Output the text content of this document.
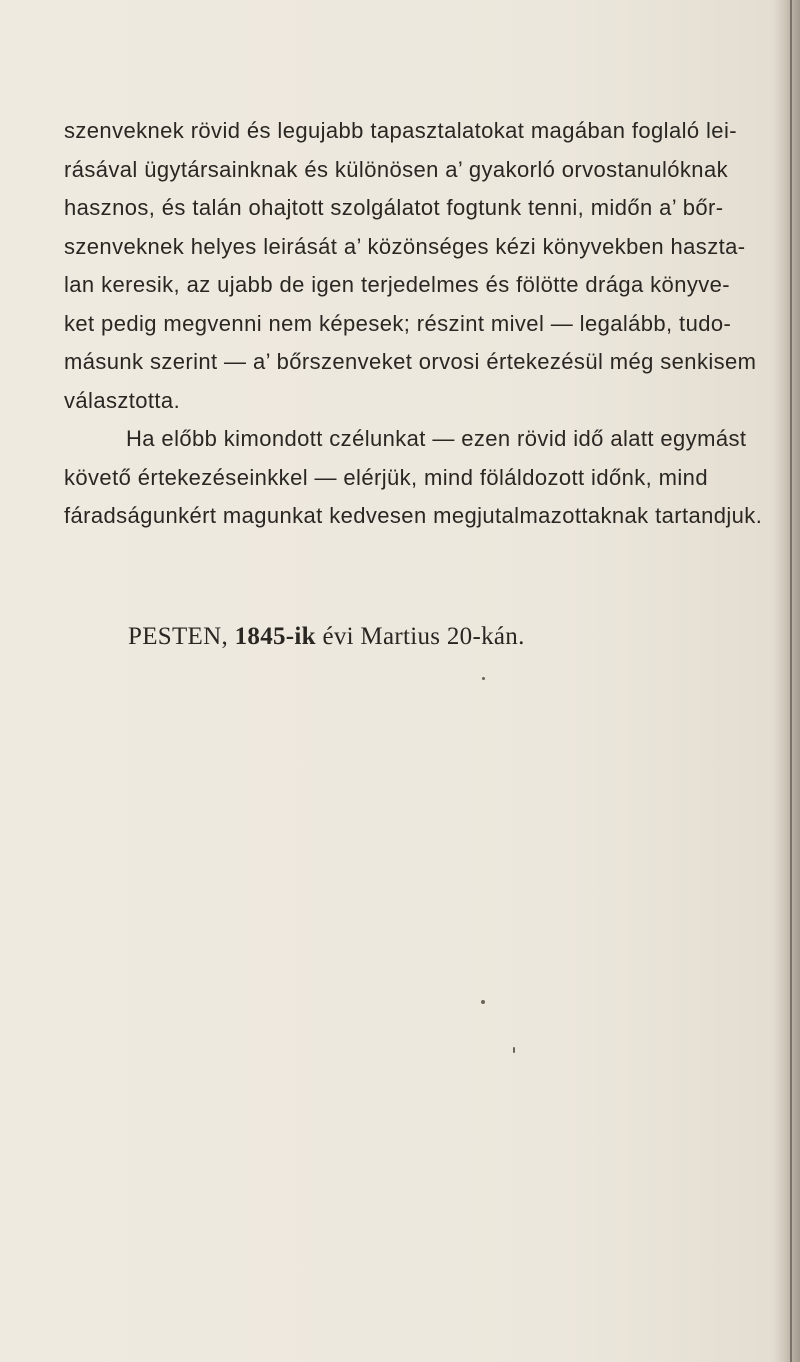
szenveknek rövid és legujabb tapasztalatokat magában foglaló lei-
rásával ügytársainknak és különösen a’ gyakorló orvostanulóknak
hasznos, és talán ohajtott szolgálatot fogtunk tenni, midőn a’ bőr-
szenveknek helyes leirását a’ közönséges kézi könyvekben haszta-
lan keresik, az ujabb de igen terjedelmes és fölötte drága könyve-
ket pedig megvenni nem képesek; részint mivel — legalább, tudo-
másunk szerint — a’ bőrszenveket orvosi értekezésül még senkisem
választotta.
Ha előbb kimondott czélunkat — ezen rövid idő alatt egymást
követő értekezéseinkkel — elérjük, mind föláldozott időnk, mind
fáradságunkért magunkat kedvesen megjutalmazottaknak tartandjuk.
PESTEN, 1845-ik évi Martius 20-kán.
